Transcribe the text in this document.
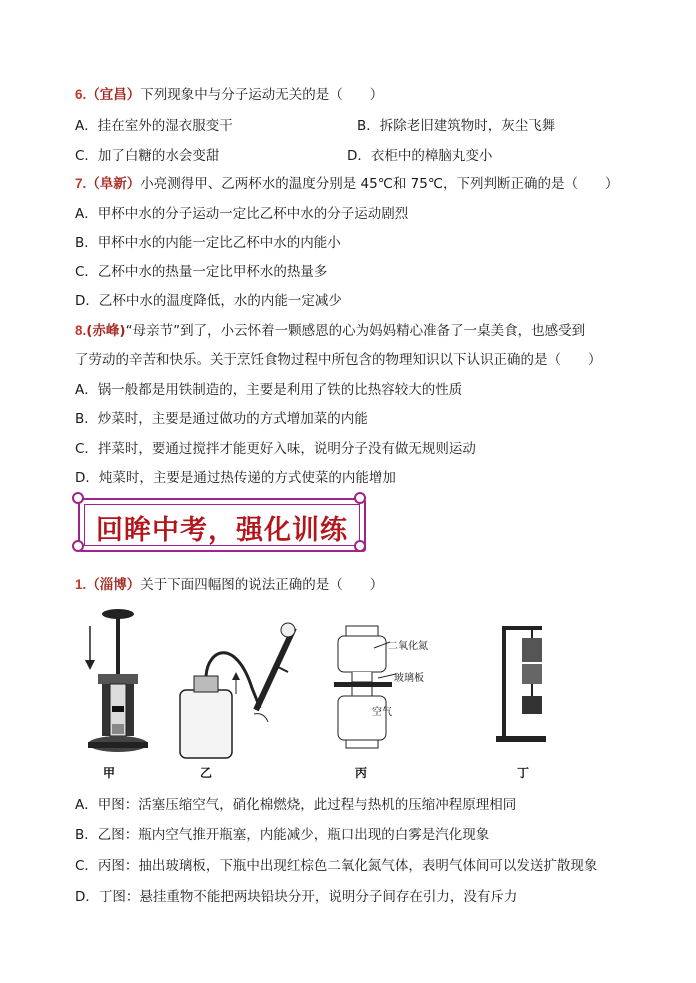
6.（宜昌）下列现象中与分子运动无关的是（　　）
A．挂在室外的湿衣服变干	B．拆除老旧建筑物时，灰尘飞舞
C．加了白糖的水会变甜	D．衣柜中的樟脑丸变小
7.（阜新）小亮测得甲、乙两杯水的温度分别是 45℃和 75℃，下列判断正确的是（　　）
A．甲杯中水的分子运动一定比乙杯中水的分子运动剧烈
B．甲杯中水的内能一定比乙杯中水的内能小
C．乙杯中水的热量一定比甲杯水的热量多
D．乙杯中水的温度降低，水的内能一定减少
8.(赤峰)“母亲节”到了，小云怀着一颗感恩的心为妈妈精心准备了一桌美食，也感受到
了劳动的辛苦和快乐。关于烹饪食物过程中所包含的物理知识以下认识正确的是（　　）
A．锅一般都是用铁制造的，主要是利用了铁的比热容较大的性质
B．炒菜时，主要是通过做功的方式增加菜的内能
C．拌菜时，要通过搅拌才能更好入味，说明分子没有做无规则运动
D．炖菜时，主要是通过热传递的方式使菜的内能增加
回眸中考，强化训练
1.（淄博）关于下面四幅图的说法正确的是（　　）
甲	乙
二氧化氮
玻璃板
空气
丙	丁
A．甲图：活塞压缩空气，硝化棉燃烧，此过程与热机的压缩冲程原理相同
B．乙图：瓶内空气推开瓶塞，内能减少，瓶口出现的白雾是汽化现象
C．丙图：抽出玻璃板，下瓶中出现红棕色二氧化氮气体，表明气体间可以发送扩散现象
D．丁图：悬挂重物不能把两块铅块分开，说明分子间存在引力，没有斥力
